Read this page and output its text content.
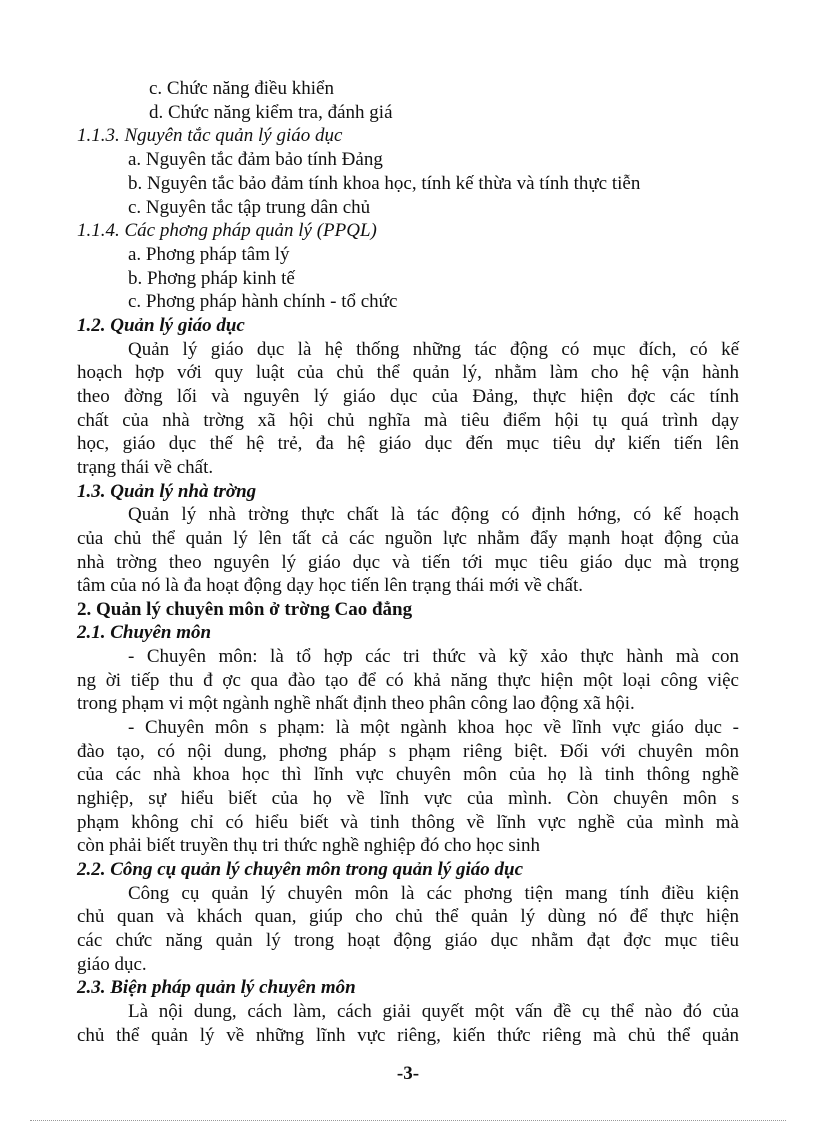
c. Chức năng điều khiển
d. Chức năng kiểm tra, đánh giá
1.1.3. Nguyên tắc quản lý giáo dục
a. Nguyên tắc đảm bảo tính Đảng
b. Nguyên tắc bảo đảm tính khoa học, tính kế thừa và tính thực tiễn
c. Nguyên tắc tập trung dân chủ
1.1.4. Các phơng pháp quản lý (PPQL)
a. Phơng pháp tâm lý
b. Phơng pháp kinh tế
c. Phơng pháp hành chính - tổ chức
1.2. Quản lý giáo dục
Quản lý giáo dục là hệ thống những tác động có mục đích, có kế
hoạch hợp với quy luật của chủ thể quản lý, nhằm làm cho hệ vận hành
theo đờng lối và nguyên lý giáo dục của Đảng, thực hiện đợc các tính
chất của nhà trờng xã hội chủ nghĩa mà tiêu điểm hội tụ quá trình dạy
học, giáo dục thế hệ trẻ, đa hệ giáo dục đến mục tiêu dự kiến tiến lên
trạng thái về chất.
1.3. Quản lý nhà trờng
Quản lý nhà trờng thực chất là tác động có định hớng, có kế hoạch
của chủ thể quản lý lên tất cả các nguồn lực nhằm đẩy mạnh hoạt động của
nhà trờng theo nguyên lý giáo dục và tiến tới mục tiêu giáo dục mà trọng
tâm của nó là đa hoạt động dạy học tiến lên trạng thái mới về chất.
2. Quản lý chuyên môn ở trờng Cao đẳng
2.1. Chuyên môn
- Chuyên môn: là tổ hợp các tri thức và kỹ xảo thực hành mà con
ng ời tiếp thu đ ợc qua đào tạo để có khả năng thực hiện một loại công việc
trong phạm vi một ngành nghề nhất định theo phân công lao động xã hội.
- Chuyên môn s phạm: là một ngành khoa học về lĩnh vực giáo dục -
đào tạo, có nội dung, phơng pháp s phạm riêng biệt. Đối với chuyên môn
của các nhà khoa học thì lĩnh vực chuyên môn của họ là tinh thông nghề
nghiệp, sự hiểu biết của họ về lĩnh vực của mình. Còn chuyên môn s
phạm không chỉ có hiểu biết và tinh thông về lĩnh vực nghề của mình mà
còn phải biết truyền thụ tri thức nghề nghiệp đó cho học sinh
2.2. Công cụ quản lý chuyên môn trong quản lý giáo dục
Công cụ quản lý chuyên môn là các phơng tiện mang tính điều kiện
chủ quan và khách quan, giúp cho chủ thể quản lý dùng nó để thực hiện
các chức năng quản lý trong hoạt động giáo dục nhằm đạt đợc mục tiêu
giáo dục.
2.3. Biện pháp quản lý chuyên môn
Là nội dung, cách làm, cách giải quyết một vấn đề cụ thể nào đó của
chủ thể quản lý về những lĩnh vực riêng, kiến thức riêng mà chủ thể quản
-3-
